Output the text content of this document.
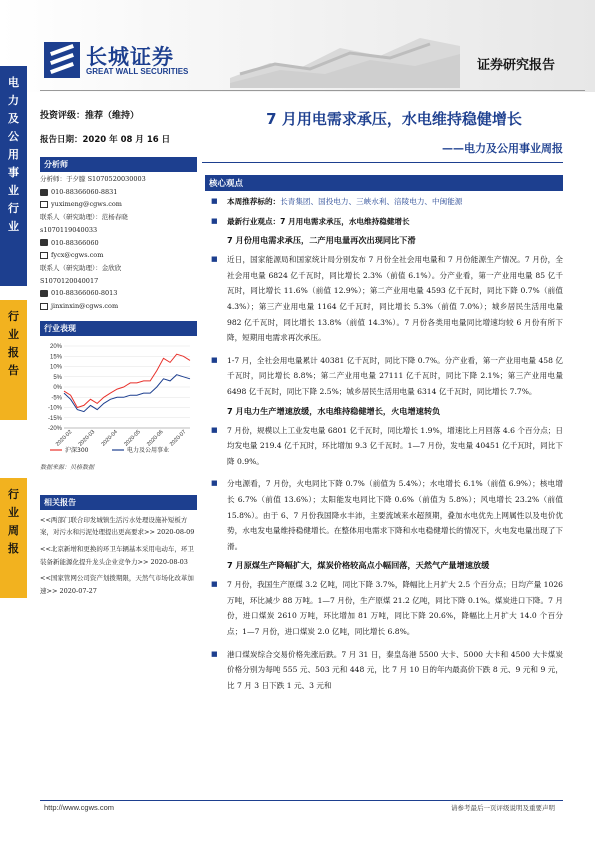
长城证券
GREAT WALL SECURITIES	证券研究报告
电
力
及
公
用
事
业
行
业
行
业
报
告
行
业
周
报
投资评级：推荐（维持）
报告日期：2020 年 08 月 16 日
分析师
分析师：于夕朦 S1070520030003
010-88366060-8831
yuximeng@cgws.com
联系人（研究助理）：范杨春晓
s1070119040033
010-88366060
fycx@cgws.com
联系人（研究助理）：金欣欣
S1070120040017
010-88366060-8013
jinxinxin@cgws.com
行业表现
20%
15%
10%
5%
0%
-5%
-10%
-15%
-20%
2020-02 2020-03 2020-04 2020-05 2020-06 2020-07
沪深300	电力及公用事业
数据来源：贝格数据
相关报告
<<两部门联合印发城镇生活污水处理设施补短板方案，对污水和污泥处理提出更高要求>> 2020-08-09
<<北京新增和更换的环卫车辆基本采用电动车，环卫装备新能源化提升龙头企业竞争力>> 2020-08-03
<<国家管网公司资产划拨期限，天然气市场化改革加速>> 2020-07-27
7 月用电需求承压，水电维持稳健增长
——电力及公用事业周报
核心观点
■	本周推荐标的：长青集团、国投电力、三峡水利、涪陵电力、中闽能源
■	最新行业观点：7 月用电需求承压，水电维持稳健增长
7 月份用电需求承压，二产用电量再次出现同比下滑
■	近日，国家能源局和国家统计局分别发布 7 月份全社会用电量和 7 月份能源生产情况。7 月份，全社会用电量 6824 亿千瓦时，同比增长 2.3%（前值 6.1%）。分产业看，第一产业用电量 85 亿千瓦时，同比增长 11.6%（前值 12.9%）；第二产业用电量 4593 亿千瓦时，同比下降 0.7%（前值 4.3%）；第三产业用电量 1164 亿千瓦时，同比增长 5.3%（前值 7.0%）；城乡居民生活用电量 982 亿千瓦时，同比增长 13.8%（前值 14.3%）。7 月份各类用电量同比增速均较 6 月份有所下降，短期用电需求再次承压。
■	1-7 月，全社会用电量累计 40381 亿千瓦时，同比下降 0.7%。分产业看，第一产业用电量 458 亿千瓦时，同比增长 8.8%；第二产业用电量 27111 亿千瓦时，同比下降 2.1%；第三产业用电量 6498 亿千瓦时，同比下降 2.5%；城乡居民生活用电量 6314 亿千瓦时，同比增长 7.7%。
7 月电力生产增速放缓，水电维持稳健增长，火电增速转负
■	7 月份，规模以上工业发电量 6801 亿千瓦时，同比增长 1.9%，增速比上月回落 4.6 个百分点；日均发电量 219.4 亿千瓦时，环比增加 9.3 亿千瓦时。1—7 月份，发电量 40451 亿千瓦时，同比下降 0.9%。
■	分电源看，7 月份，火电同比下降 0.7%（前值为 5.4%）；水电增长 6.1%（前值 6.9%）；核电增长 6.7%（前值 13.6%）；太阳能发电同比下降 0.6%（前值为 5.8%）；风电增长 23.2%（前值 15.8%）。由于 6、7 月份我国降水丰沛，主要流域来水超预期，叠加水电优先上网属性以及电价优势，水电发电量维持稳健增长。在整体用电需求下降和水电稳健增长的情况下，火电发电量出现了下滑。
7 月原煤生产降幅扩大，煤炭价格较高点小幅回落，天然气产量增速放缓
■	7 月份，我国生产原煤 3.2 亿吨，同比下降 3.7%，降幅比上月扩大 2.5 个百分点；日均产量 1026 万吨，环比减少 88 万吨。1—7 月份，生产原煤 21.2 亿吨，同比下降 0.1%。煤炭进口下降。7 月份，进口煤炭 2610 万吨，环比增加 81 万吨，同比下降 20.6%，降幅比上月扩大 14.0 个百分点；1—7 月份，进口煤炭 2.0 亿吨，同比增长 6.8%。
■	港口煤炭综合交易价格先涨后跌。7 月 31 日，秦皇岛港 5500 大卡、5000 大卡和 4500 大卡煤炭价格分别为每吨 555 元、503 元和 448 元，比 7 月 10 日的年内最高价下跌 8 元、9 元和 9 元，比 7 月 3 日下跌 1 元、3 元和
http://www.cgws.com	请参考最后一页评级说明及重要声明
